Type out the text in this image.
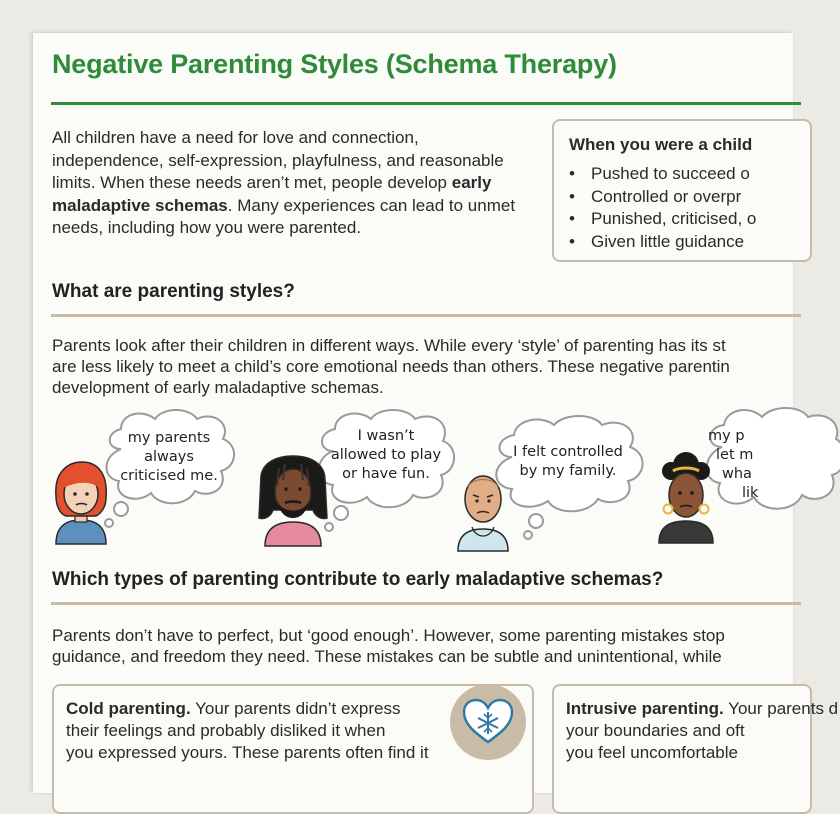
Negative Parenting Styles (Schema Therapy)

All children have a need for love and connection, independence, self-expression, playfulness, and reasonable limits. When these needs aren’t met, people develop early maladaptive schemas. Many experiences can lead to unmet needs, including how you were parented.

When you were a child
• Pushed to succeed o
• Controlled or overpr
• Punished, criticised, o
• Given little guidance
What are parenting styles?

Parents look after their children in different ways. While every ‘style’ of parenting has its st

are less likely to meet a child’s core emotional needs than others. These negative parentin

development of early maladaptive schemas.

my parents
always
criticised me.
I wasn’t
allowed to play
or have fun.
I felt controlled
by my family.
my p
let m
wha
lik
Which types of parenting contribute to early maladaptive schemas?

Parents don’t have to perfect, but ‘good enough’. However, some parenting mistakes stop

guidance, and freedom they need. These mistakes can be subtle and unintentional, while

Cold parenting. Your parents didn’t express
their feelings and probably disliked it when
you expressed yours. These parents often find it
Intrusive parenting. Your parents d
your boundaries and oft
you feel uncomfortable
